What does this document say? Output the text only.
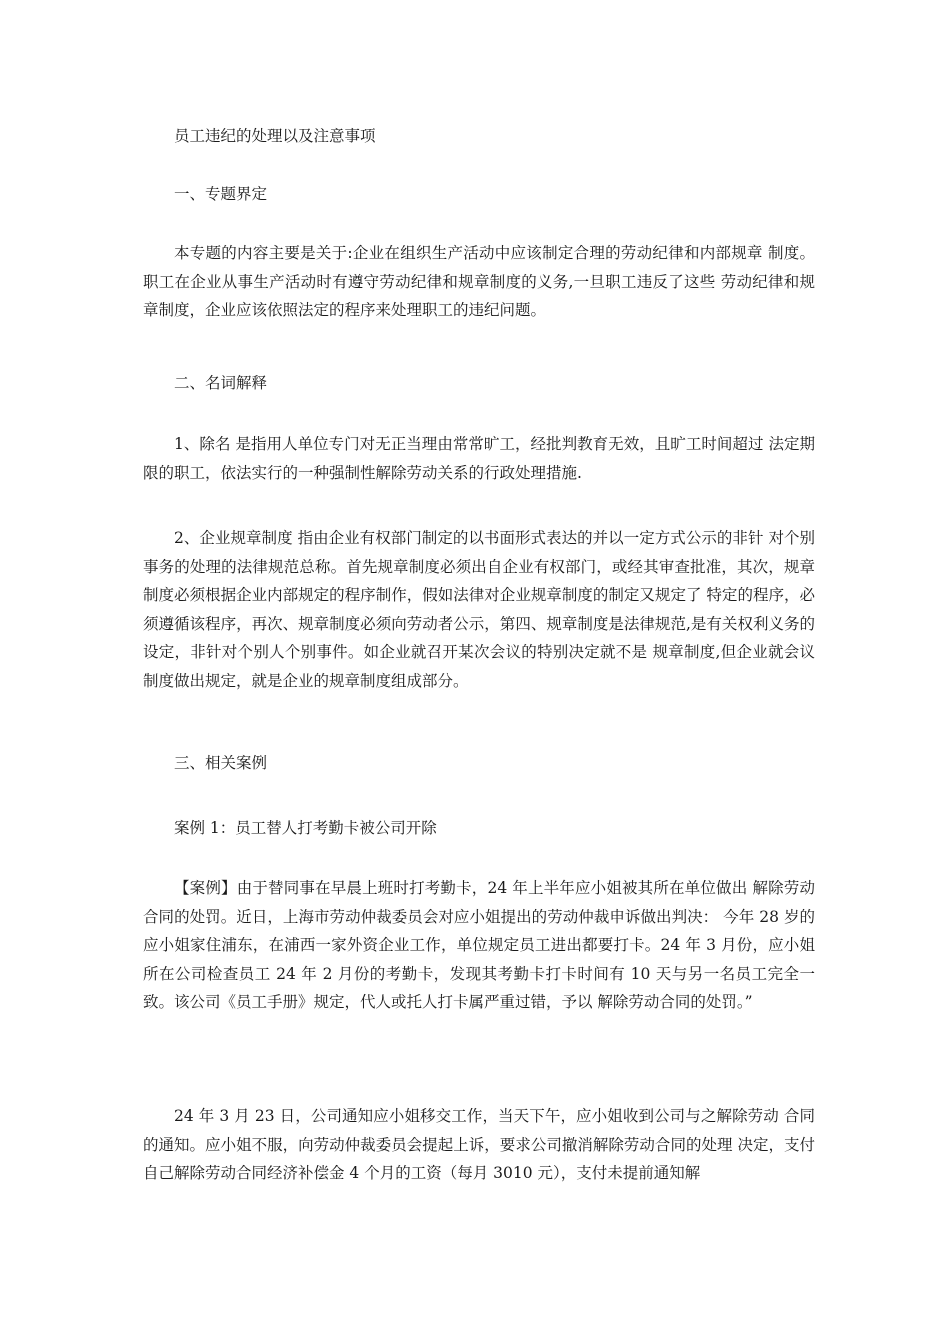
员工违纪的处理以及注意事项
一、专题界定
本专题的内容主要是关于:企业在组织生产活动中应该制定合理的劳动纪律和内部规章 制度。职工在企业从事生产活动时有遵守劳动纪律和规章制度的义务,一旦职工违反了这些 劳动纪律和规章制度，企业应该依照法定的程序来处理职工的违纪问题。
二、名词解释
1、除名 是指用人单位专门对无正当理由常常旷工，经批判教育无效，且旷工时间超过 法定期限的职工，依法实行的一种强制性解除劳动关系的行政处理措施.
2、企业规章制度 指由企业有权部门制定的以书面形式表达的并以一定方式公示的非针 对个别事务的处理的法律规范总称。首先规章制度必须出自企业有权部门，或经其审查批准，其次，规章制度必须根据企业内部规定的程序制作，假如法律对企业规章制度的制定又规定了 特定的程序，必须遵循该程序，再次、规章制度必须向劳动者公示，第四、规章制度是法律规范,是有关权利义务的设定，非针对个别人个别事件。如企业就召开某次会议的特别决定就不是 规章制度,但企业就会议制度做出规定，就是企业的规章制度组成部分。
三、相关案例
案例 1：员工替人打考勤卡被公司开除
【案例】由于替同事在早晨上班时打考勤卡，24 年上半年应小姐被其所在单位做出 解除劳动合同的处罚。近日，上海市劳动仲裁委员会对应小姐提出的劳动仲裁申诉做出判决： 今年 28 岁的应小姐家住浦东，在浦西一家外资企业工作，单位规定员工进出都要打卡。24 年 3 月份，应小姐所在公司检查员工 24 年 2 月份的考勤卡，发现其考勤卡打卡时间有 10 天与另一名员工完全一致。该公司《员工手册》规定，代人或托人打卡属严重过错，予以 解除劳动合同的处罚。”
24 年 3 月 23 日，公司通知应小姐移交工作，当天下午，应小姐收到公司与之解除劳动 合同的通知。应小姐不服，向劳动仲裁委员会提起上诉，要求公司撤消解除劳动合同的处理 决定，支付自己解除劳动合同经济补偿金 4 个月的工资（每月 3010 元），支付未提前通知解
